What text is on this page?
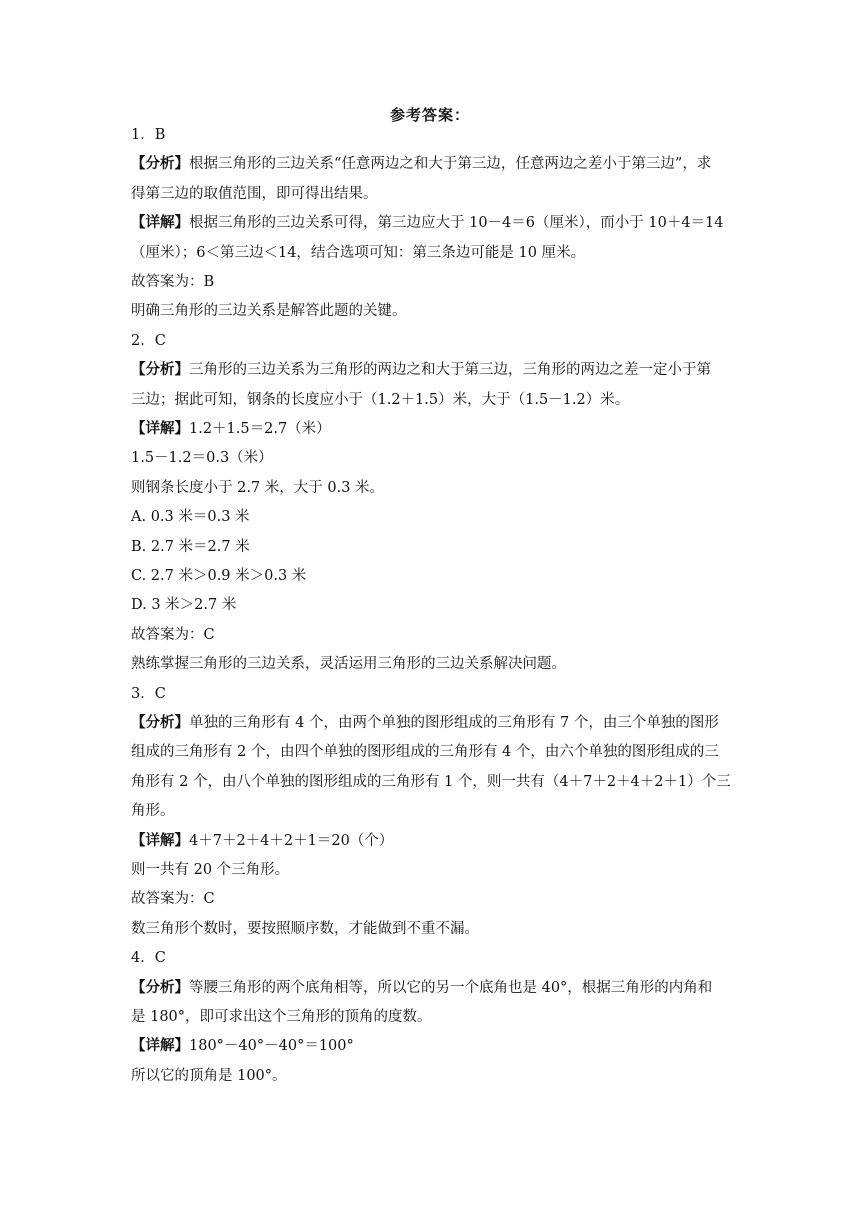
参考答案：
1．B
【分析】根据三角形的三边关系“任意两边之和大于第三边，任意两边之差小于第三边”，求
得第三边的取值范围，即可得出结果。
【详解】根据三角形的三边关系可得，第三边应大于 10－4＝6（厘米），而小于 10＋4＝14
（厘米）；6＜第三边＜14，结合选项可知：第三条边可能是 10 厘米。
故答案为：B
明确三角形的三边关系是解答此题的关键。
2．C
【分析】三角形的三边关系为三角形的两边之和大于第三边，三角形的两边之差一定小于第
三边；据此可知，钢条的长度应小于（1.2＋1.5）米，大于（1.5－1.2）米。
【详解】1.2＋1.5＝2.7（米）
1.5－1.2＝0.3（米）
则钢条长度小于 2.7 米，大于 0.3 米。
A. 0.3 米＝0.3 米
B. 2.7 米＝2.7 米
C. 2.7 米＞0.9 米＞0.3 米
D. 3 米＞2.7 米
故答案为：C
熟练掌握三角形的三边关系，灵活运用三角形的三边关系解决问题。
3．C
【分析】单独的三角形有 4 个，由两个单独的图形组成的三角形有 7 个，由三个单独的图形
组成的三角形有 2 个，由四个单独的图形组成的三角形有 4 个，由六个单独的图形组成的三
角形有 2 个，由八个单独的图形组成的三角形有 1 个，则一共有（4＋7＋2＋4＋2＋1）个三
角形。
【详解】4＋7＋2＋4＋2＋1＝20（个）
则一共有 20 个三角形。
故答案为：C
数三角形个数时，要按照顺序数，才能做到不重不漏。
4．C
【分析】等腰三角形的两个底角相等，所以它的另一个底角也是 40°，根据三角形的内角和
是 180°，即可求出这个三角形的顶角的度数。
【详解】180°－40°－40°＝100°
所以它的顶角是 100°。
